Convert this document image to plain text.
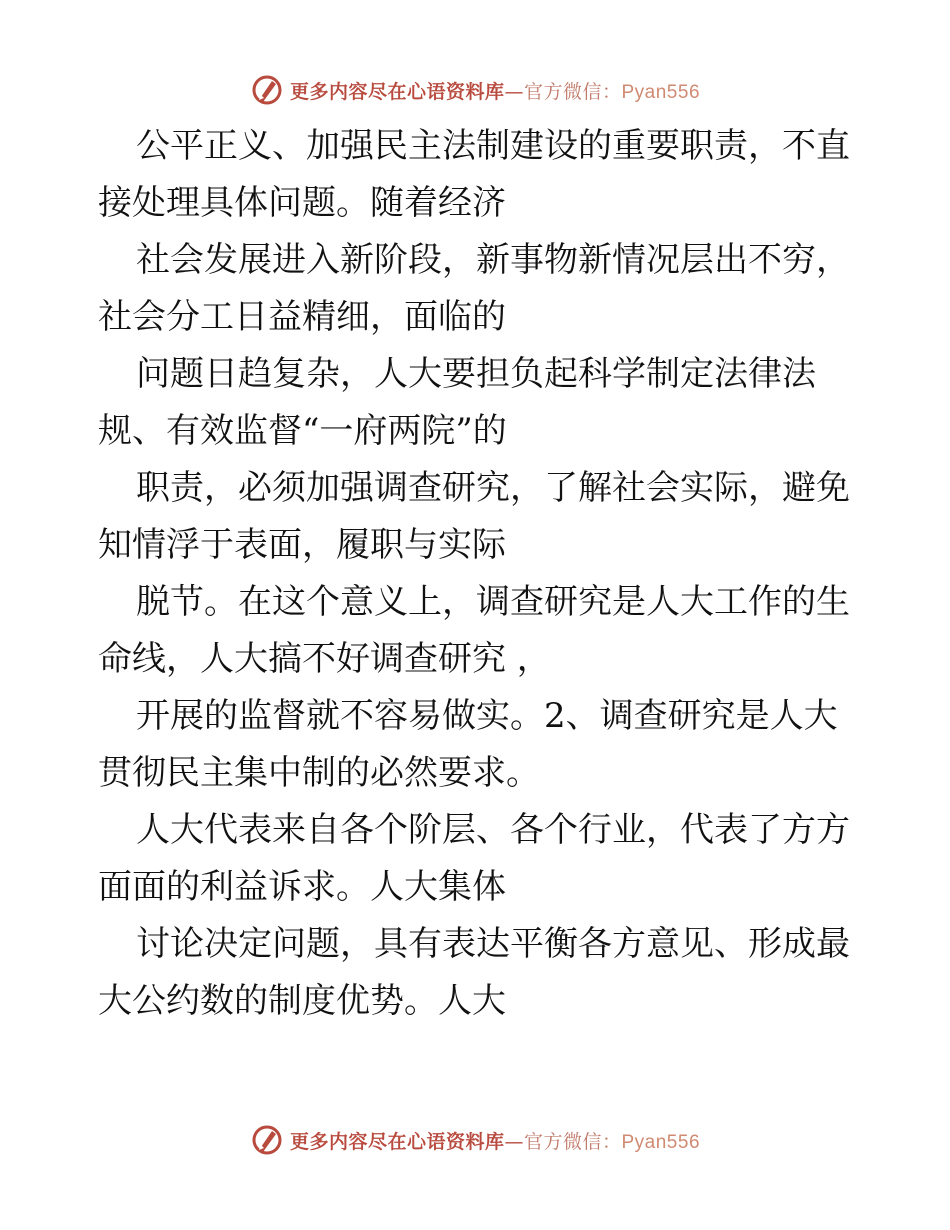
更多内容尽在心语资料库—官方微信：Pyan556

公平正义、加强民主法制建设的重要职责，不直
接处理具体问题。随着经济

社会发展进入新阶段，新事物新情况层出不穷，
社会分工日益精细，面临的

问题日趋复杂，人大要担负起科学制定法律法
规、有效监督“一府两院”的

职责，必须加强调查研究，了解社会实际，避免
知情浮于表面，履职与实际

脱节。在这个意义上，调查研究是人大工作的生
命线，人大搞不好调查研究 ，

开展的监督就不容易做实。2、调查研究是人大
贯彻民主集中制的必然要求。

人大代表来自各个阶层、各个行业，代表了方方
面面的利益诉求。人大集体

讨论决定问题，具有表达平衡各方意见、形成最
大公约数的制度优势。人大

更多内容尽在心语资料库—官方微信：Pyan556
